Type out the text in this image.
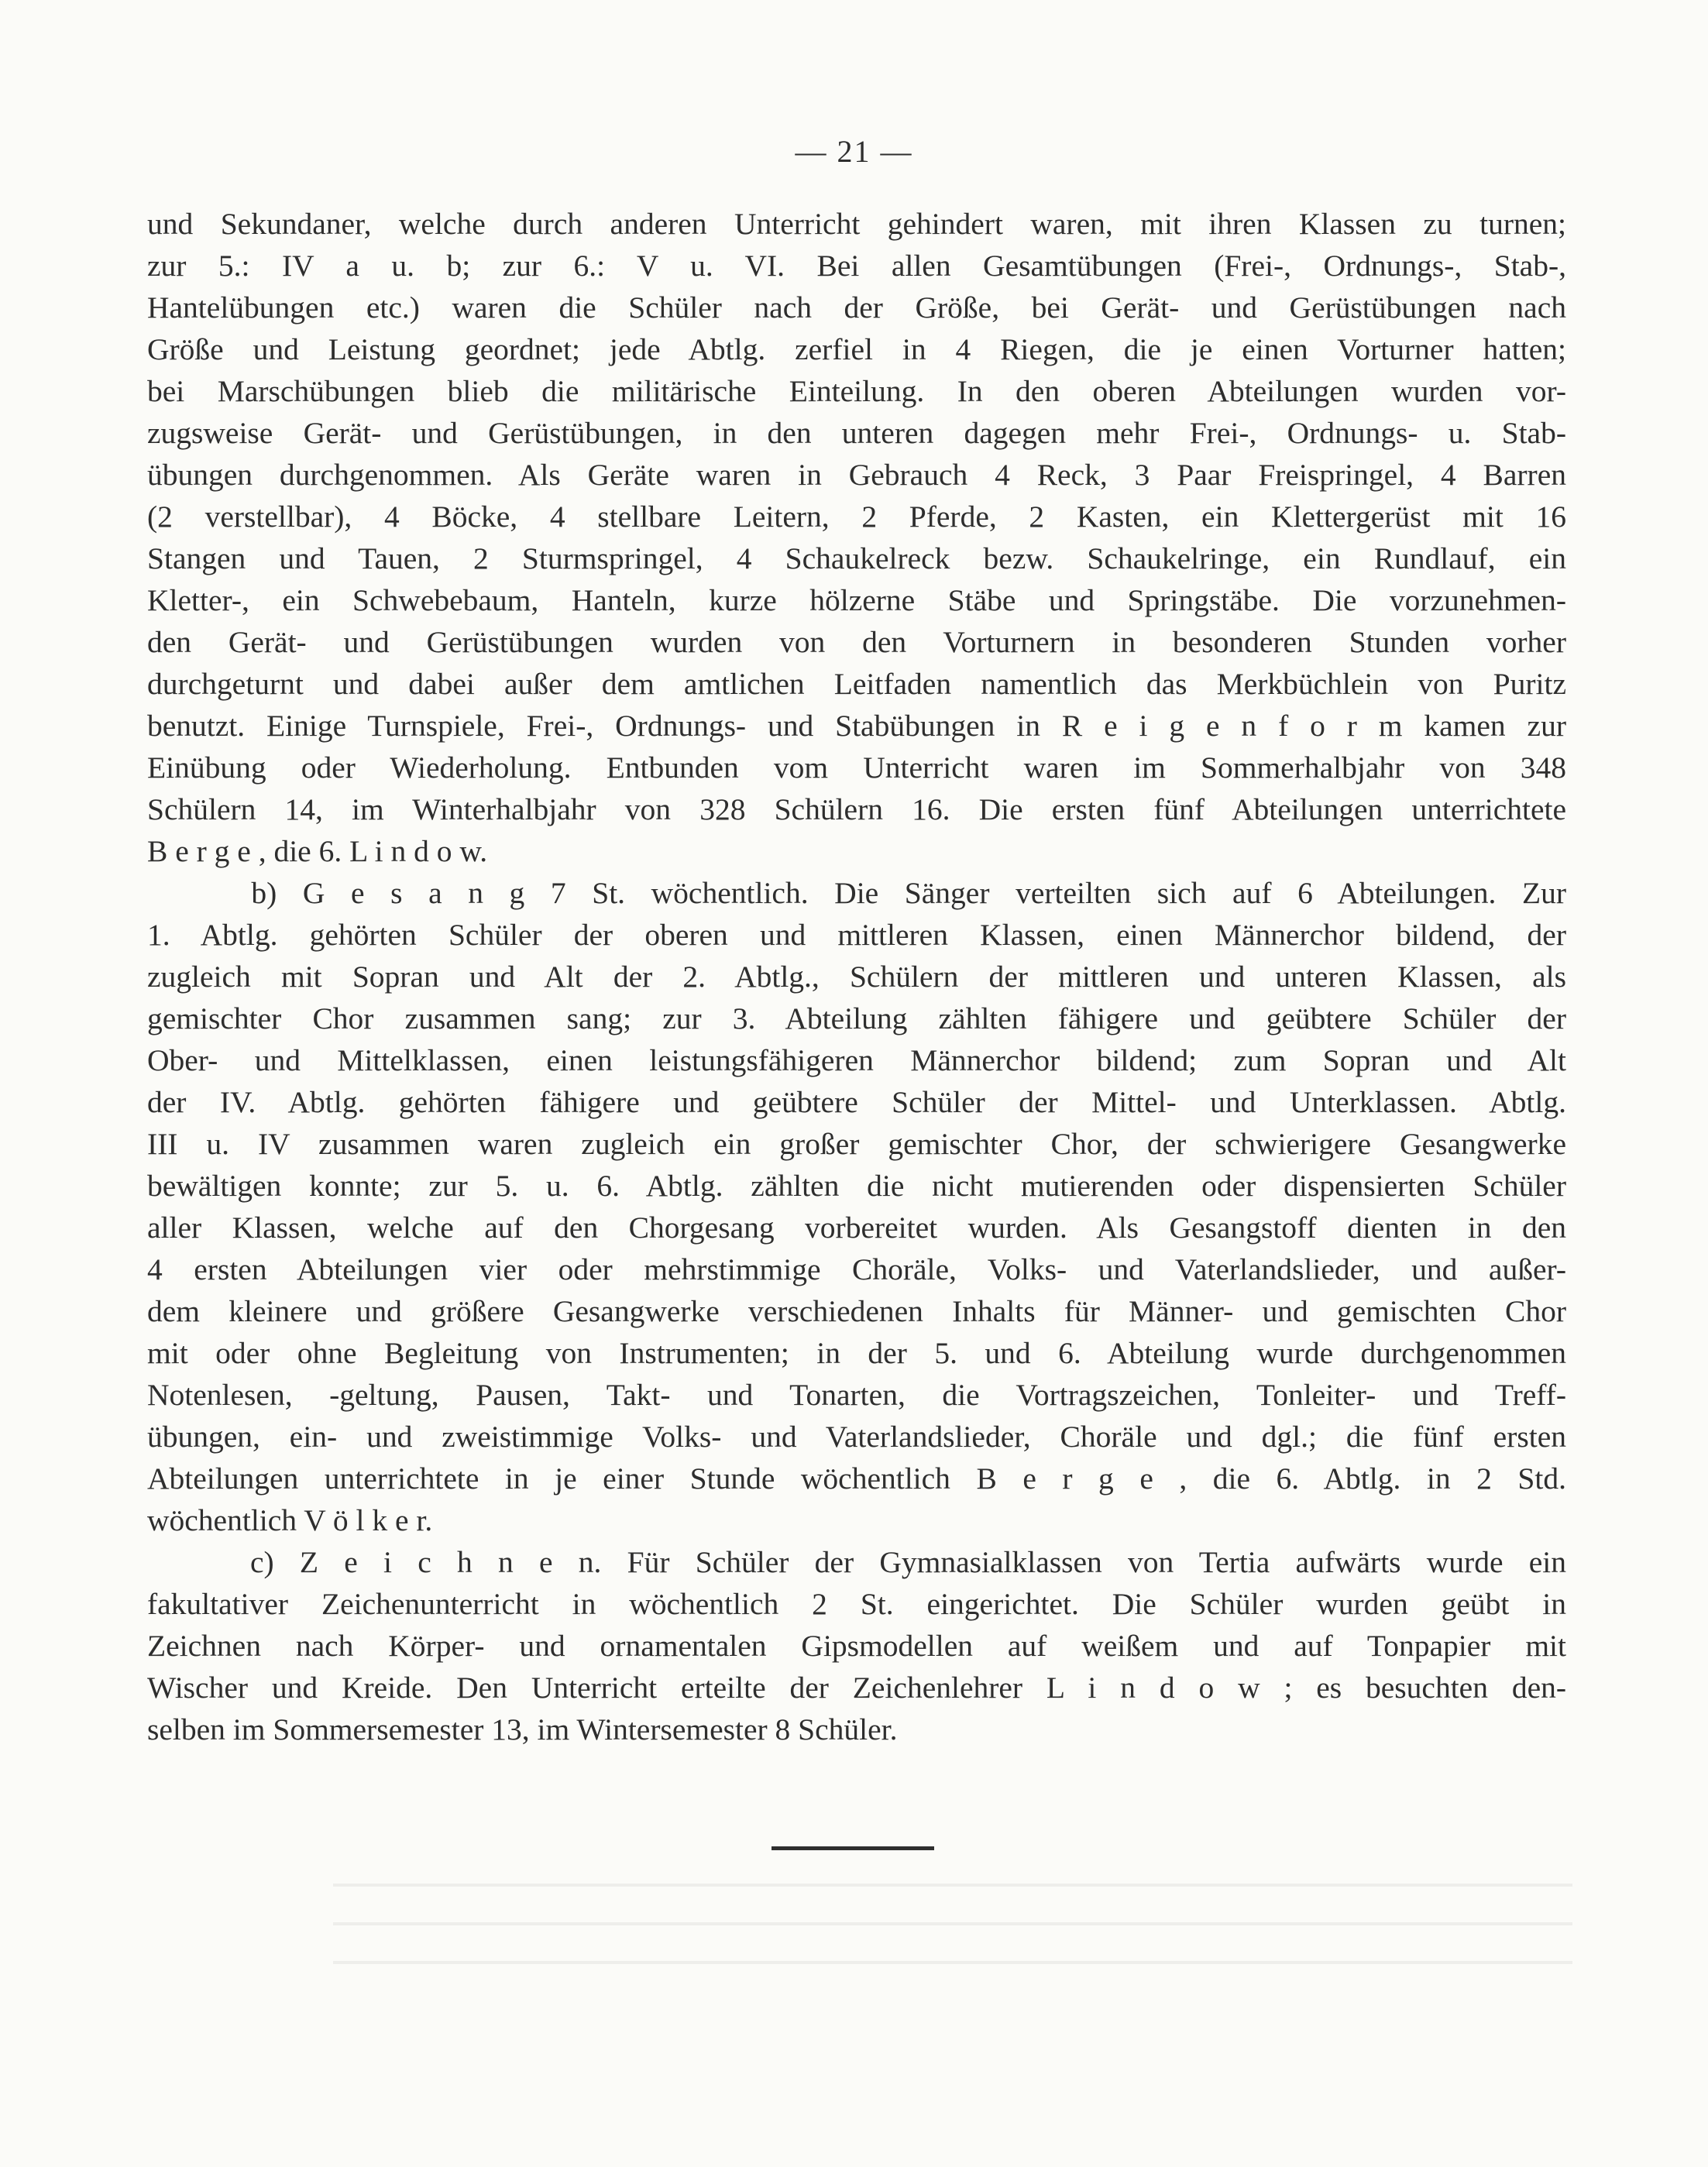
— 21 —
und Sekundaner, welche durch anderen Unterricht gehindert waren, mit ihren Klassen zu turnen;
zur 5.: IV a u. b; zur 6.: V u. VI. Bei allen Gesamtübungen (Frei-, Ordnungs-, Stab-,
Hantelübungen etc.) waren die Schüler nach der Größe, bei Gerät- und Gerüstübungen nach
Größe und Leistung geordnet; jede Abtlg. zerfiel in 4 Riegen, die je einen Vorturner hatten;
bei Marschübungen blieb die militärische Einteilung. In den oberen Abteilungen wurden vor-
zugsweise Gerät- und Gerüstübungen, in den unteren dagegen mehr Frei-, Ordnungs- u. Stab-
übungen durchgenommen. Als Geräte waren in Gebrauch 4 Reck, 3 Paar Freispringel, 4 Barren
(2 verstellbar), 4 Böcke, 4 stellbare Leitern, 2 Pferde, 2 Kasten, ein Klettergerüst mit 16
Stangen und Tauen, 2 Sturmspringel, 4 Schaukelreck bezw. Schaukelringe, ein Rundlauf, ein
Kletter-, ein Schwebebaum, Hanteln, kurze hölzerne Stäbe und Springstäbe. Die vorzunehmen-
den Gerät- und Gerüstübungen wurden von den Vorturnern in besonderen Stunden vorher
durchgeturnt und dabei außer dem amtlichen Leitfaden namentlich das Merkbüchlein von Puritz
benutzt. Einige Turnspiele, Frei-, Ordnungs- und Stabübungen in R e i g e n f o r m kamen zur
Einübung oder Wiederholung. Entbunden vom Unterricht waren im Sommerhalbjahr von 348
Schülern 14, im Winterhalbjahr von 328 Schülern 16. Die ersten fünf Abteilungen unterrichtete
B e r g e , die 6. L i n d o w.
b) G e s a n g 7 St. wöchentlich. Die Sänger verteilten sich auf 6 Abteilungen. Zur
1. Abtlg. gehörten Schüler der oberen und mittleren Klassen, einen Männerchor bildend, der
zugleich mit Sopran und Alt der 2. Abtlg., Schülern der mittleren und unteren Klassen, als
gemischter Chor zusammen sang; zur 3. Abteilung zählten fähigere und geübtere Schüler der
Ober- und Mittelklassen, einen leistungsfähigeren Männerchor bildend; zum Sopran und Alt
der IV. Abtlg. gehörten fähigere und geübtere Schüler der Mittel- und Unterklassen. Abtlg.
III u. IV zusammen waren zugleich ein großer gemischter Chor, der schwierigere Gesangwerke
bewältigen konnte; zur 5. u. 6. Abtlg. zählten die nicht mutierenden oder dispensierten Schüler
aller Klassen, welche auf den Chorgesang vorbereitet wurden. Als Gesangstoff dienten in den
4 ersten Abteilungen vier oder mehrstimmige Choräle, Volks- und Vaterlandslieder, und außer-
dem kleinere und größere Gesangwerke verschiedenen Inhalts für Männer- und gemischten Chor
mit oder ohne Begleitung von Instrumenten; in der 5. und 6. Abteilung wurde durchgenommen
Notenlesen, -geltung, Pausen, Takt- und Tonarten, die Vortragszeichen, Tonleiter- und Treff-
übungen, ein- und zweistimmige Volks- und Vaterlandslieder, Choräle und dgl.; die fünf ersten
Abteilungen unterrichtete in je einer Stunde wöchentlich B e r g e , die 6. Abtlg. in 2 Std.
wöchentlich V ö l k e r.
c) Z e i c h n e n. Für Schüler der Gymnasialklassen von Tertia aufwärts wurde ein
fakultativer Zeichenunterricht in wöchentlich 2 St. eingerichtet. Die Schüler wurden geübt in
Zeichnen nach Körper- und ornamentalen Gipsmodellen auf weißem und auf Tonpapier mit
Wischer und Kreide. Den Unterricht erteilte der Zeichenlehrer L i n d o w ; es besuchten den-
selben im Sommersemester 13, im Wintersemester 8 Schüler.
